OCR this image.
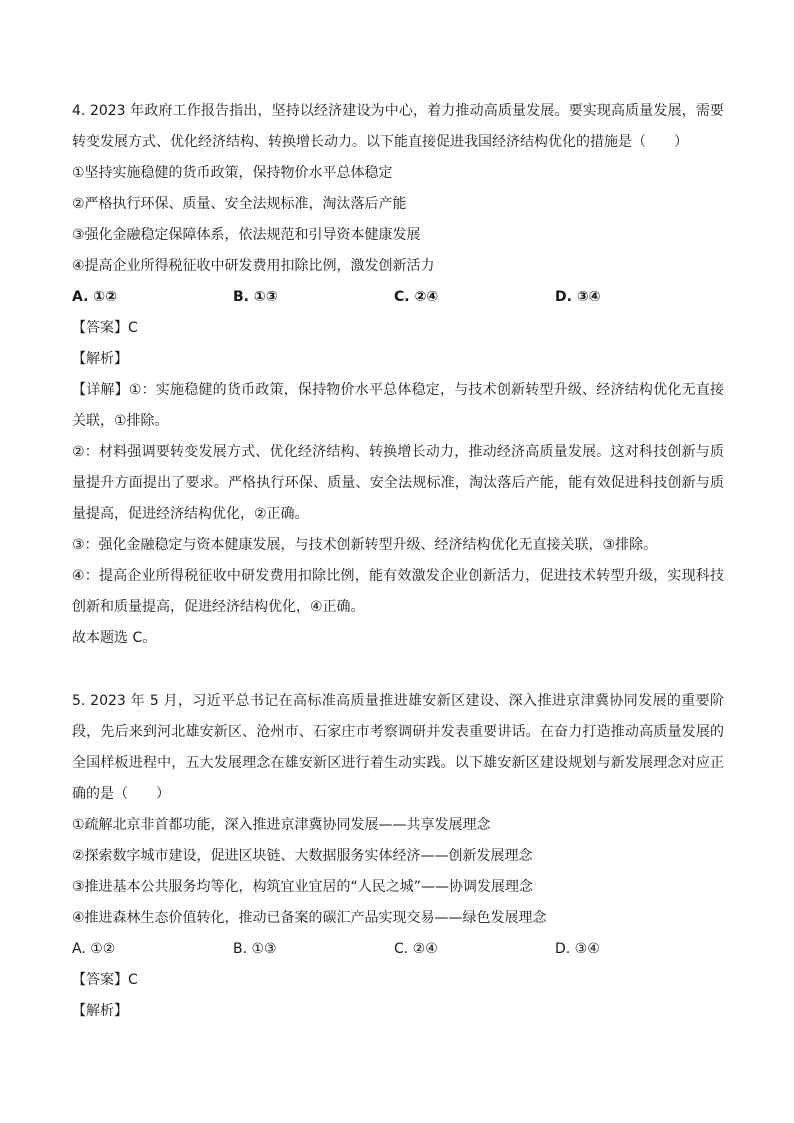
4. 2023 年政府工作报告指出，坚持以经济建设为中心，着力推动高质量发展。要实现高质量发展，需要转变发展方式、优化经济结构、转换增长动力。以下能直接促进我国经济结构优化的措施是（　　）
①坚持实施稳健的货币政策，保持物价水平总体稳定
②严格执行环保、质量、安全法规标准，淘汰落后产能
③强化金融稳定保障体系，依法规范和引导资本健康发展
④提高企业所得税征收中研发费用扣除比例，激发创新活力
A. ①②	B. ①③	C. ②④	D. ③④
【答案】C
【解析】
【详解】①：实施稳健的货币政策，保持物价水平总体稳定，与技术创新转型升级、经济结构优化无直接关联，①排除。
②：材料强调要转变发展方式、优化经济结构、转换增长动力，推动经济高质量发展。这对科技创新与质量提升方面提出了要求。严格执行环保、质量、安全法规标准，淘汰落后产能，能有效促进科技创新与质量提高，促进经济结构优化，②正确。
③：强化金融稳定与资本健康发展，与技术创新转型升级、经济结构优化无直接关联，③排除。
④：提高企业所得税征收中研发费用扣除比例，能有效激发企业创新活力，促进技术转型升级，实现科技创新和质量提高，促进经济结构优化，④正确。
故本题选 C。
5. 2023 年 5 月，习近平总书记在高标准高质量推进雄安新区建设、深入推进京津冀协同发展的重要阶段，先后来到河北雄安新区、沧州市、石家庄市考察调研并发表重要讲话。在奋力打造推动高质量发展的全国样板进程中，五大发展理念在雄安新区进行着生动实践。以下雄安新区建设规划与新发展理念对应正确的是（　　）
①疏解北京非首都功能，深入推进京津冀协同发展——共享发展理念
②探索数字城市建设，促进区块链、大数据服务实体经济——创新发展理念
③推进基本公共服务均等化，构筑宜业宜居的“人民之城”——协调发展理念
④推进森林生态价值转化，推动已备案的碳汇产品实现交易——绿色发展理念
A. ①②	B. ①③	C. ②④	D. ③④
【答案】C
【解析】
